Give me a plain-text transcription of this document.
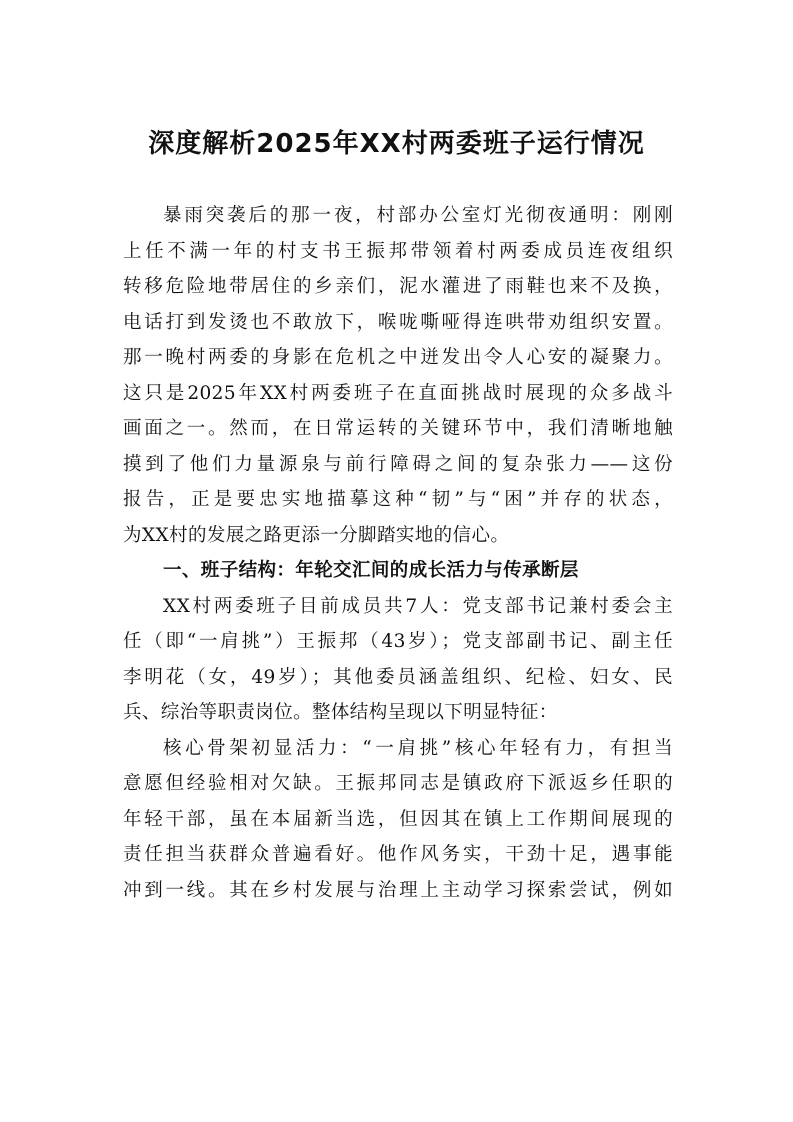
深度解析2025年XX村两委班子运行情况
暴雨突袭后的那一夜，村部办公室灯光彻夜通明：刚刚
上任不满一年的村支书王振邦带领着村两委成员连夜组织
转移危险地带居住的乡亲们，泥水灌进了雨鞋也来不及换，
电话打到发烫也不敢放下，喉咙嘶哑得连哄带劝组织安置。
那一晚村两委的身影在危机之中迸发出令人心安的凝聚力。
这只是2025年XX村两委班子在直面挑战时展现的众多战斗
画面之一。然而，在日常运转的关键环节中，我们清晰地触
摸到了他们力量源泉与前行障碍之间的复杂张力——这份
报告，正是要忠实地描摹这种“韧”与“困”并存的状态，
为XX村的发展之路更添一分脚踏实地的信心。
一、班子结构：年轮交汇间的成长活力与传承断层
XX村两委班子目前成员共7人：党支部书记兼村委会主
任（即“一肩挑”）王振邦（43岁）；党支部副书记、副主任
李明花（女，49岁）；其他委员涵盖组织、纪检、妇女、民
兵、综治等职责岗位。整体结构呈现以下明显特征：
核心骨架初显活力：“一肩挑”核心年轻有力，有担当
意愿但经验相对欠缺。王振邦同志是镇政府下派返乡任职的
年轻干部，虽在本届新当选，但因其在镇上工作期间展现的
责任担当获群众普遍看好。他作风务实，干劲十足，遇事能
冲到一线。其在乡村发展与治理上主动学习探索尝试，例如
